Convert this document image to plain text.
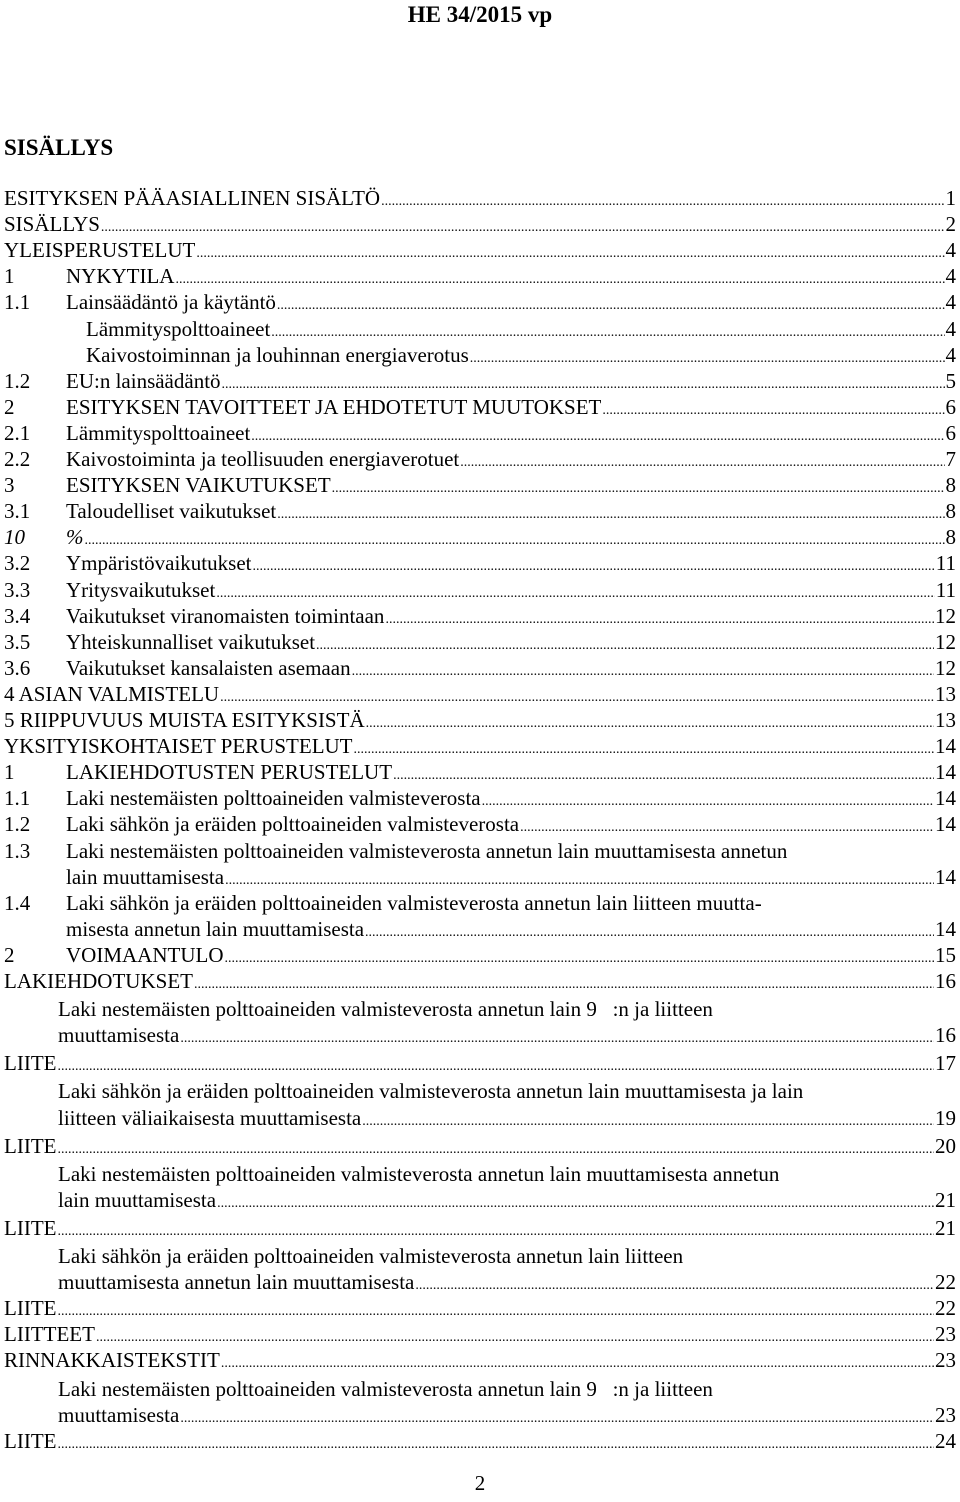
HE 34/2015 vp
SISÄLLYS
ESITYKSEN PÄÄASIALLINEN SISÄLTÖ .....	1
SISÄLLYS .....	2
YLEISPERUSTELUT .....	4
1 NYKYTILA .....	4
1.1 Lainsäädäntö ja käytäntö .....	4
Lämmityspolttoaineet .....	4
Kaivostoiminnan ja louhinnan energiaverotus .....	4
1.2 EU:n lainsäädäntö .....	5
2 ESITYKSEN TAVOITTEET JA EHDOTETUT MUUTOKSET .....	6
2.1 Lämmityspolttoaineet .....	6
2.2 Kaivostoiminta ja teollisuuden energiaverotuet .....	7
3 ESITYKSEN VAIKUTUKSET .....	8
3.1 Taloudelliset vaikutukset .....	8
10 % .....	8
3.2 Ympäristövaikutukset .....	11
3.3 Yritysvaikutukset .....	11
3.4 Vaikutukset viranomaisten toimintaan .....	12
3.5 Yhteiskunnalliset vaikutukset .....	12
3.6 Vaikutukset kansalaisten asemaan .....	12
4 ASIAN VALMISTELU .....	13
5 RIIPPUVUUS MUISTA ESITYKSISTÄ .....	13
YKSITYISKOHTAISET PERUSTELUT .....	14
1 LAKIEHDOTUSTEN PERUSTELUT .....	14
1.1 Laki nestemäisten polttoaineiden valmisteverosta .....	14
1.2 Laki sähkön ja eräiden polttoaineiden valmisteverosta .....	14
1.3 Laki nestemäisten polttoaineiden valmisteverosta annetun lain muuttamisesta annetun
lain muuttamisesta .....	14
1.4 Laki sähkön ja eräiden polttoaineiden valmisteverosta annetun lain liitteen muutta-
misesta annetun lain muuttamisesta .....	14
2 VOIMAANTULO .....	15
LAKIEHDOTUKSET .....	16
Laki nestemäisten polttoaineiden valmisteverosta annetun lain 9   :n ja liitteen
muuttamisesta .....	16
LIITE .....	17
Laki sähkön ja eräiden polttoaineiden valmisteverosta annetun lain muuttamisesta ja lain
liitteen väliaikaisesta muuttamisesta .....	19
LIITE .....	20
Laki nestemäisten polttoaineiden valmisteverosta annetun lain muuttamisesta annetun
lain muuttamisesta .....	21
LIITE .....	21
Laki sähkön ja eräiden polttoaineiden valmisteverosta annetun lain liitteen
muuttamisesta annetun lain muuttamisesta .....	22
LIITE .....	22
LIITTEET .....	23
RINNAKKAISTEKSTIT .....	23
Laki nestemäisten polttoaineiden valmisteverosta annetun lain 9   :n ja liitteen
muuttamisesta .....	23
LIITE .....	24
2
